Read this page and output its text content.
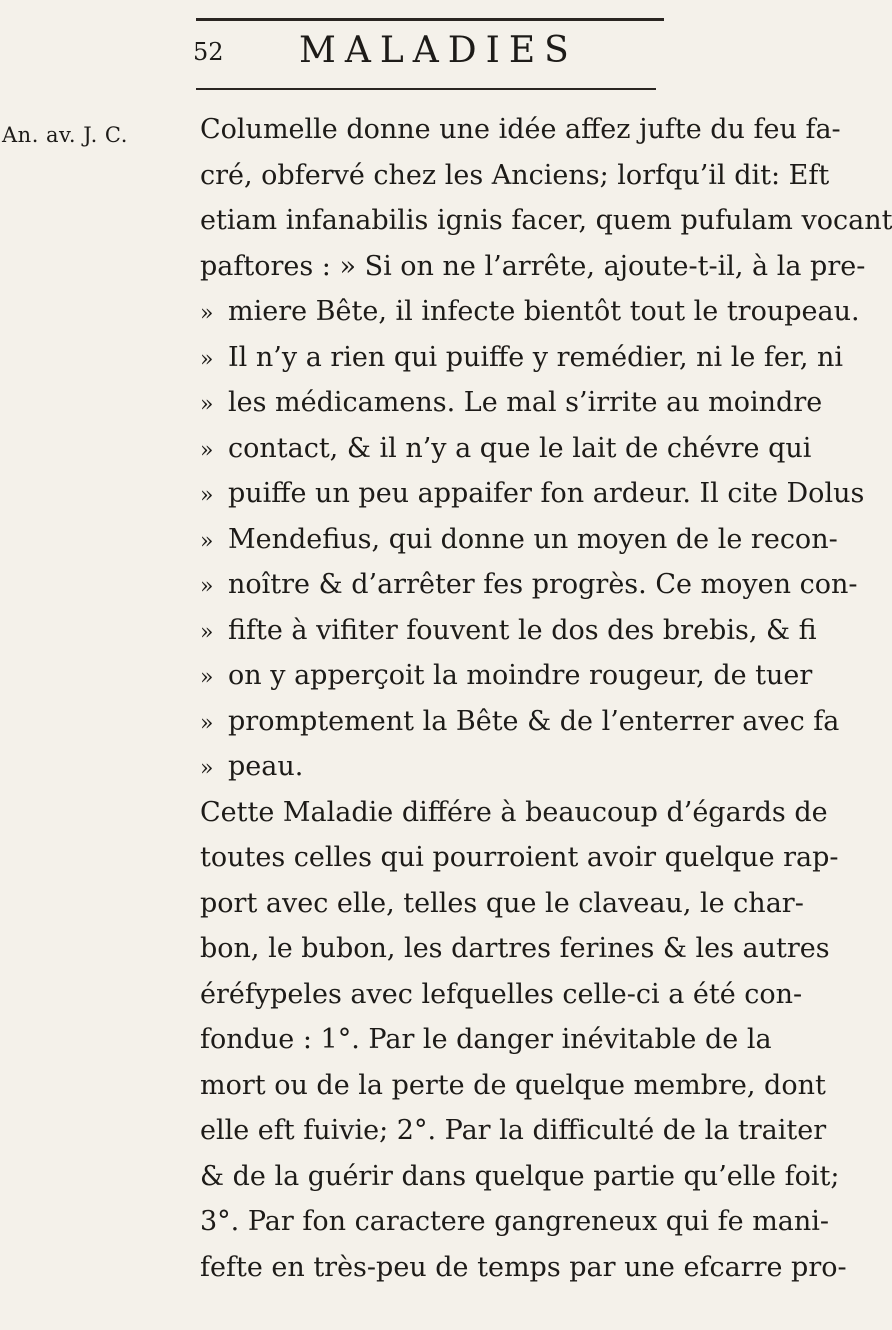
52 MALADIES
An. av. J. C.	Columelle donne une idée affez jufte du feu fa-
cré, obfervé chez les Anciens; lorfqu’il dit: Eft
etiam infanabilis ignis facer, quem pufulam vocant
paftores : » Si on ne l’arrête, ajoute-t-il, à la pre-
» miere Bête, il infecte bientôt tout le troupeau.
» Il n’y a rien qui puiffe y remédier, ni le fer, ni
» les médicamens. Le mal s’irrite au moindre
» contact, & il n’y a que le lait de chévre qui
» puiffe un peu appaifer fon ardeur. Il cite Dolus
» Mendefius, qui donne un moyen de le recon-
» noître & d’arrêter fes progrès. Ce moyen con-
» fifte à vifiter fouvent le dos des brebis, & fi
» on y apperçoit la moindre rougeur, de tuer
» promptement la Bête & de l’enterrer avec fa
» peau.
Cette Maladie différe à beaucoup d’égards de
toutes celles qui pourroient avoir quelque rap-
port avec elle, telles que le claveau, le char-
bon, le bubon, les dartres ferines & les autres
éréfypeles avec lefquelles celle-ci a été con-
fondue : 1°. Par le danger inévitable de la
mort ou de la perte de quelque membre, dont
elle eft fuivie; 2°. Par la difficulté de la traiter
& de la guérir dans quelque partie qu’elle foit;
3°. Par fon caractere gangreneux qui fe mani-
fefte en très-peu de temps par une efcarre pro-
